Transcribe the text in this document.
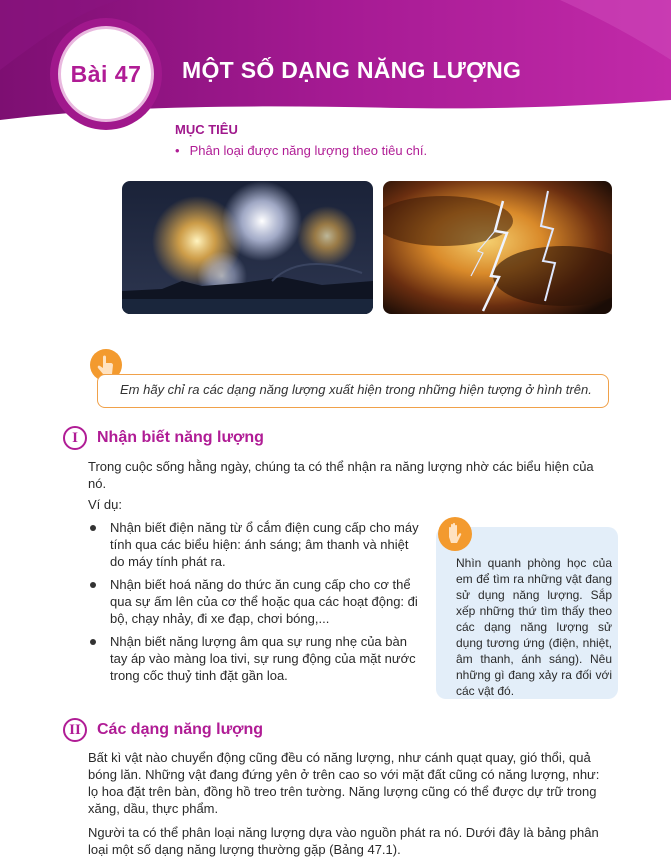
Bài 47 MỘT SỐ DẠNG NĂNG LƯỢNG

MỤC TIÊU

• Phân loại được năng lượng theo tiêu chí.
Em hãy chỉ ra các dạng năng lượng xuất hiện trong những hiện tượng ở hình trên.
I	Nhận biết năng lượng

Trong cuộc sống hằng ngày, chúng ta có thể nhận ra năng lượng nhờ các biểu hiện của nó.

Ví dụ:

Nhận biết điện năng từ ổ cắm điện cung cấp cho máy tính qua các biểu hiện: ánh sáng; âm thanh và nhiệt do máy tính phát ra.
Nhận biết hoá năng do thức ăn cung cấp cho cơ thể qua sự ấm lên của cơ thể hoặc qua các hoạt động: đi bộ, chạy nhảy, đi xe đạp, chơi bóng,...
Nhận biết năng lượng âm qua sự rung nhẹ của bàn tay áp vào màng loa tivi, sự rung động của mặt nước trong cốc thuỷ tinh đặt gần loa.

Nhìn quanh phòng học của em để tìm ra những vật đang sử dụng năng lượng. Sắp xếp những thứ tìm thấy theo các dạng năng lượng sử dụng tương ứng (điện, nhiệt, âm thanh, ánh sáng). Nêu những gì đang xảy ra đối với các vật đó.

II	Các dạng năng lượng

Bất kì vật nào chuyển động cũng đều có năng lượng, như cánh quạt quay, gió thổi, quả bóng lăn. Những vật đang đứng yên ở trên cao so với mặt đất cũng có năng lượng, như: lọ hoa đặt trên bàn, đồng hồ treo trên tường. Năng lượng cũng có thể được dự trữ trong xăng, dầu, thực phẩm.

Người ta có thể phân loại năng lượng dựa vào nguồn phát ra nó. Dưới đây là bảng phân loại một số dạng năng lượng thường gặp (Bảng 47.1).
